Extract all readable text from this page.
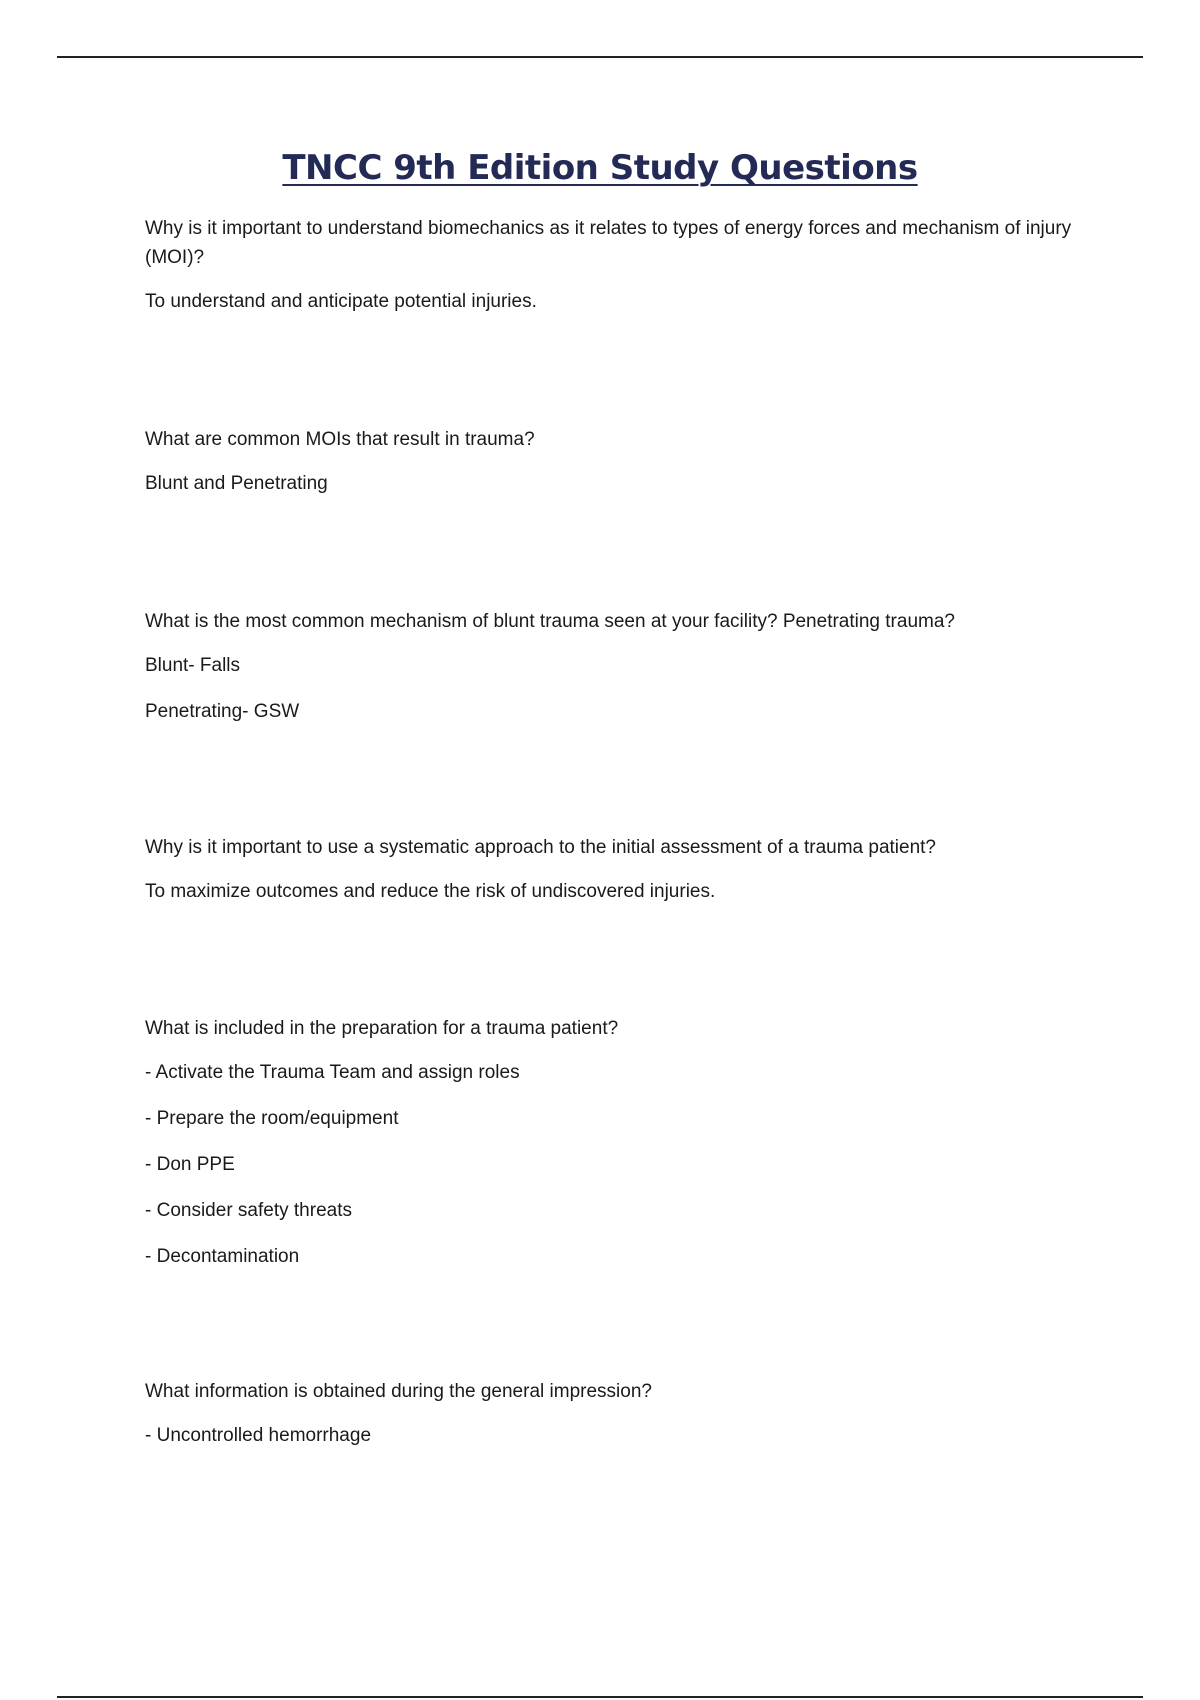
TNCC 9th Edition Study Questions

Why is it important to understand biomechanics as it relates to types of energy forces and mechanism of injury (MOI)?

To understand and anticipate potential injuries.

What are common MOIs that result in trauma?

Blunt and Penetrating

What is the most common mechanism of blunt trauma seen at your facility? Penetrating trauma?

Blunt- Falls

Penetrating- GSW

Why is it important to use a systematic approach to the initial assessment of a trauma patient?

To maximize outcomes and reduce the risk of undiscovered injuries.

What is included in the preparation for a trauma patient?

- Activate the Trauma Team and assign roles

- Prepare the room/equipment

- Don PPE

- Consider safety threats

- Decontamination

What information is obtained during the general impression?

- Uncontrolled hemorrhage
